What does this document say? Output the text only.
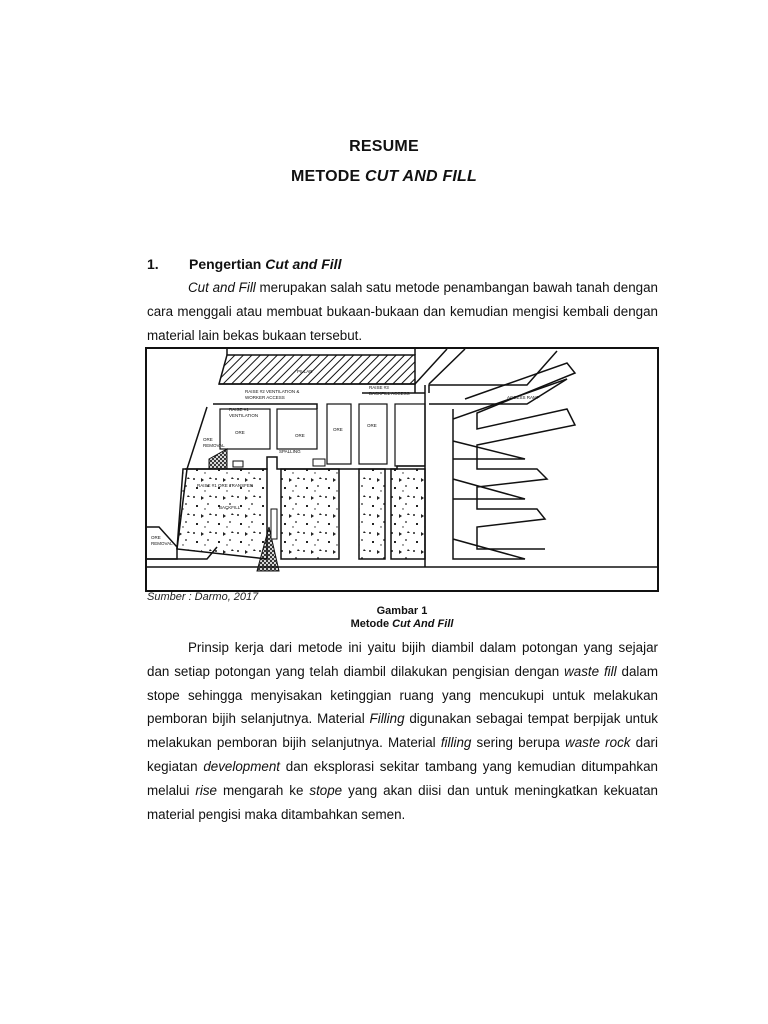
RESUME
METODE CUT AND FILL
1. Pengertian Cut and Fill

Cut and Fill merupakan salah satu metode penambangan bawah tanah dengan cara menggali atau membuat bukaan-bukaan dan kemudian mengisi kembali dengan material lain bekas bukaan tersebut.

PILLAR
RAISE #2 VENTILATION &
WORKER ACCESS
RAISE #1
VENTILATION
RAISE #3
BACKFILL ACCESS
ACCESS RAMP
ORE
ORE
ORE
ORE
ORE
REMOVAL
SPALLING
RAISE #1 ORE TRANSFER
BACKFILL
ORE
REMOVAL
Sumber : Darmo, 2017
Gambar 1
Metode Cut And Fill

Prinsip kerja dari metode ini yaitu bijih diambil dalam potongan yang sejajar dan setiap potongan yang telah diambil dilakukan pengisian dengan waste fill dalam stope sehingga menyisakan ketinggian ruang yang mencukupi untuk melakukan pemboran bijih selanjutnya. Material Filling digunakan sebagai tempat berpijak untuk melakukan pemboran bijih selanjutnya. Material filling sering berupa waste rock dari kegiatan development dan eksplorasi sekitar tambang yang kemudian ditumpahkan melalui rise mengarah ke stope yang akan diisi dan untuk meningkatkan kekuatan material pengisi maka ditambahkan semen.
